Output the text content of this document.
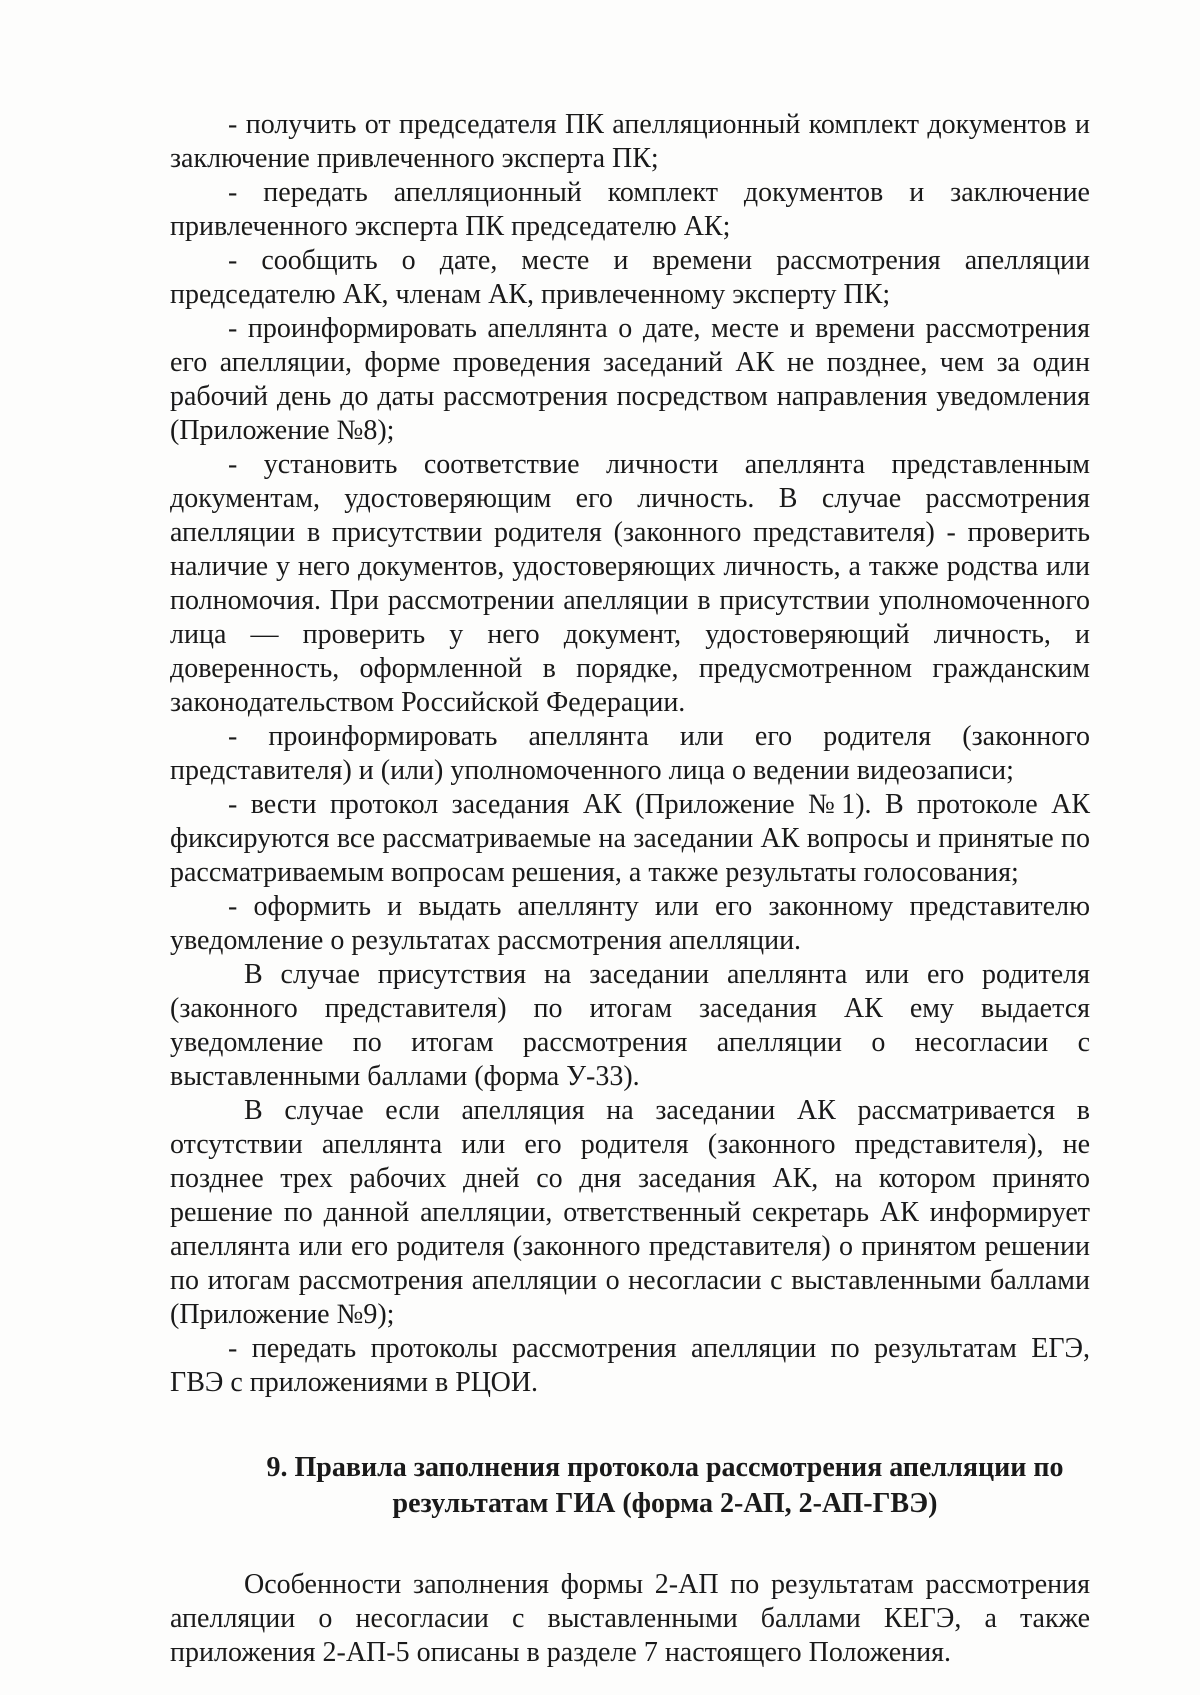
- получить от председателя ПК апелляционный комплект документов и заключение привлеченного эксперта ПК;

- передать апелляционный комплект документов и заключение привлеченного эксперта ПК председателю АК;

- сообщить о дате, месте и времени рассмотрения апелляции председателю АК, членам АК, привлеченному эксперту ПК;

- проинформировать апеллянта о дате, месте и времени рассмотрения его апелляции, форме проведения заседаний АК не позднее, чем за один рабочий день до даты рассмотрения посредством направления уведомления (Приложение №8);

- установить соответствие личности апеллянта представленным документам, удостоверяющим его личность. В случае рассмотрения апелляции в присутствии родителя (законного представителя) - проверить наличие у него документов, удостоверяющих личность, а также родства или полномочия. При рассмотрении апелляции в присутствии уполномоченного лица — проверить у него документ, удостоверяющий личность, и доверенность, оформленной в порядке, предусмотренном гражданским законодательством Российской Федерации.

- проинформировать апеллянта или его родителя (законного представителя) и (или) уполномоченного лица о ведении видеозаписи;

- вести протокол заседания АК (Приложение №1). В протоколе АК фиксируются все рассматриваемые на заседании АК вопросы и принятые по рассматриваемым вопросам решения, а также результаты голосования;

- оформить и выдать апеллянту или его законному представителю уведомление о результатах рассмотрения апелляции.

В случае присутствия на заседании апеллянта или его родителя (законного представителя) по итогам заседания АК ему выдается уведомление по итогам рассмотрения апелляции о несогласии с выставленными баллами (форма У-33).

В случае если апелляция на заседании АК рассматривается в отсутствии апеллянта или его родителя (законного представителя), не позднее трех рабочих дней со дня заседания АК, на котором принято решение по данной апелляции, ответственный секретарь АК информирует апеллянта или его родителя (законного представителя) о принятом решении по итогам рассмотрения апелляции о несогласии с выставленными баллами (Приложение №9);

- передать протоколы рассмотрения апелляции по результатам ЕГЭ, ГВЭ с приложениями в РЦОИ.

9. Правила заполнения протокола рассмотрения апелляции по
результатам ГИА (форма 2-АП, 2-АП-ГВЭ)

Особенности заполнения формы 2-АП по результатам рассмотрения апелляции о несогласии с выставленными баллами КЕГЭ, а также приложения 2-АП-5 описаны в разделе 7 настоящего Положения.
